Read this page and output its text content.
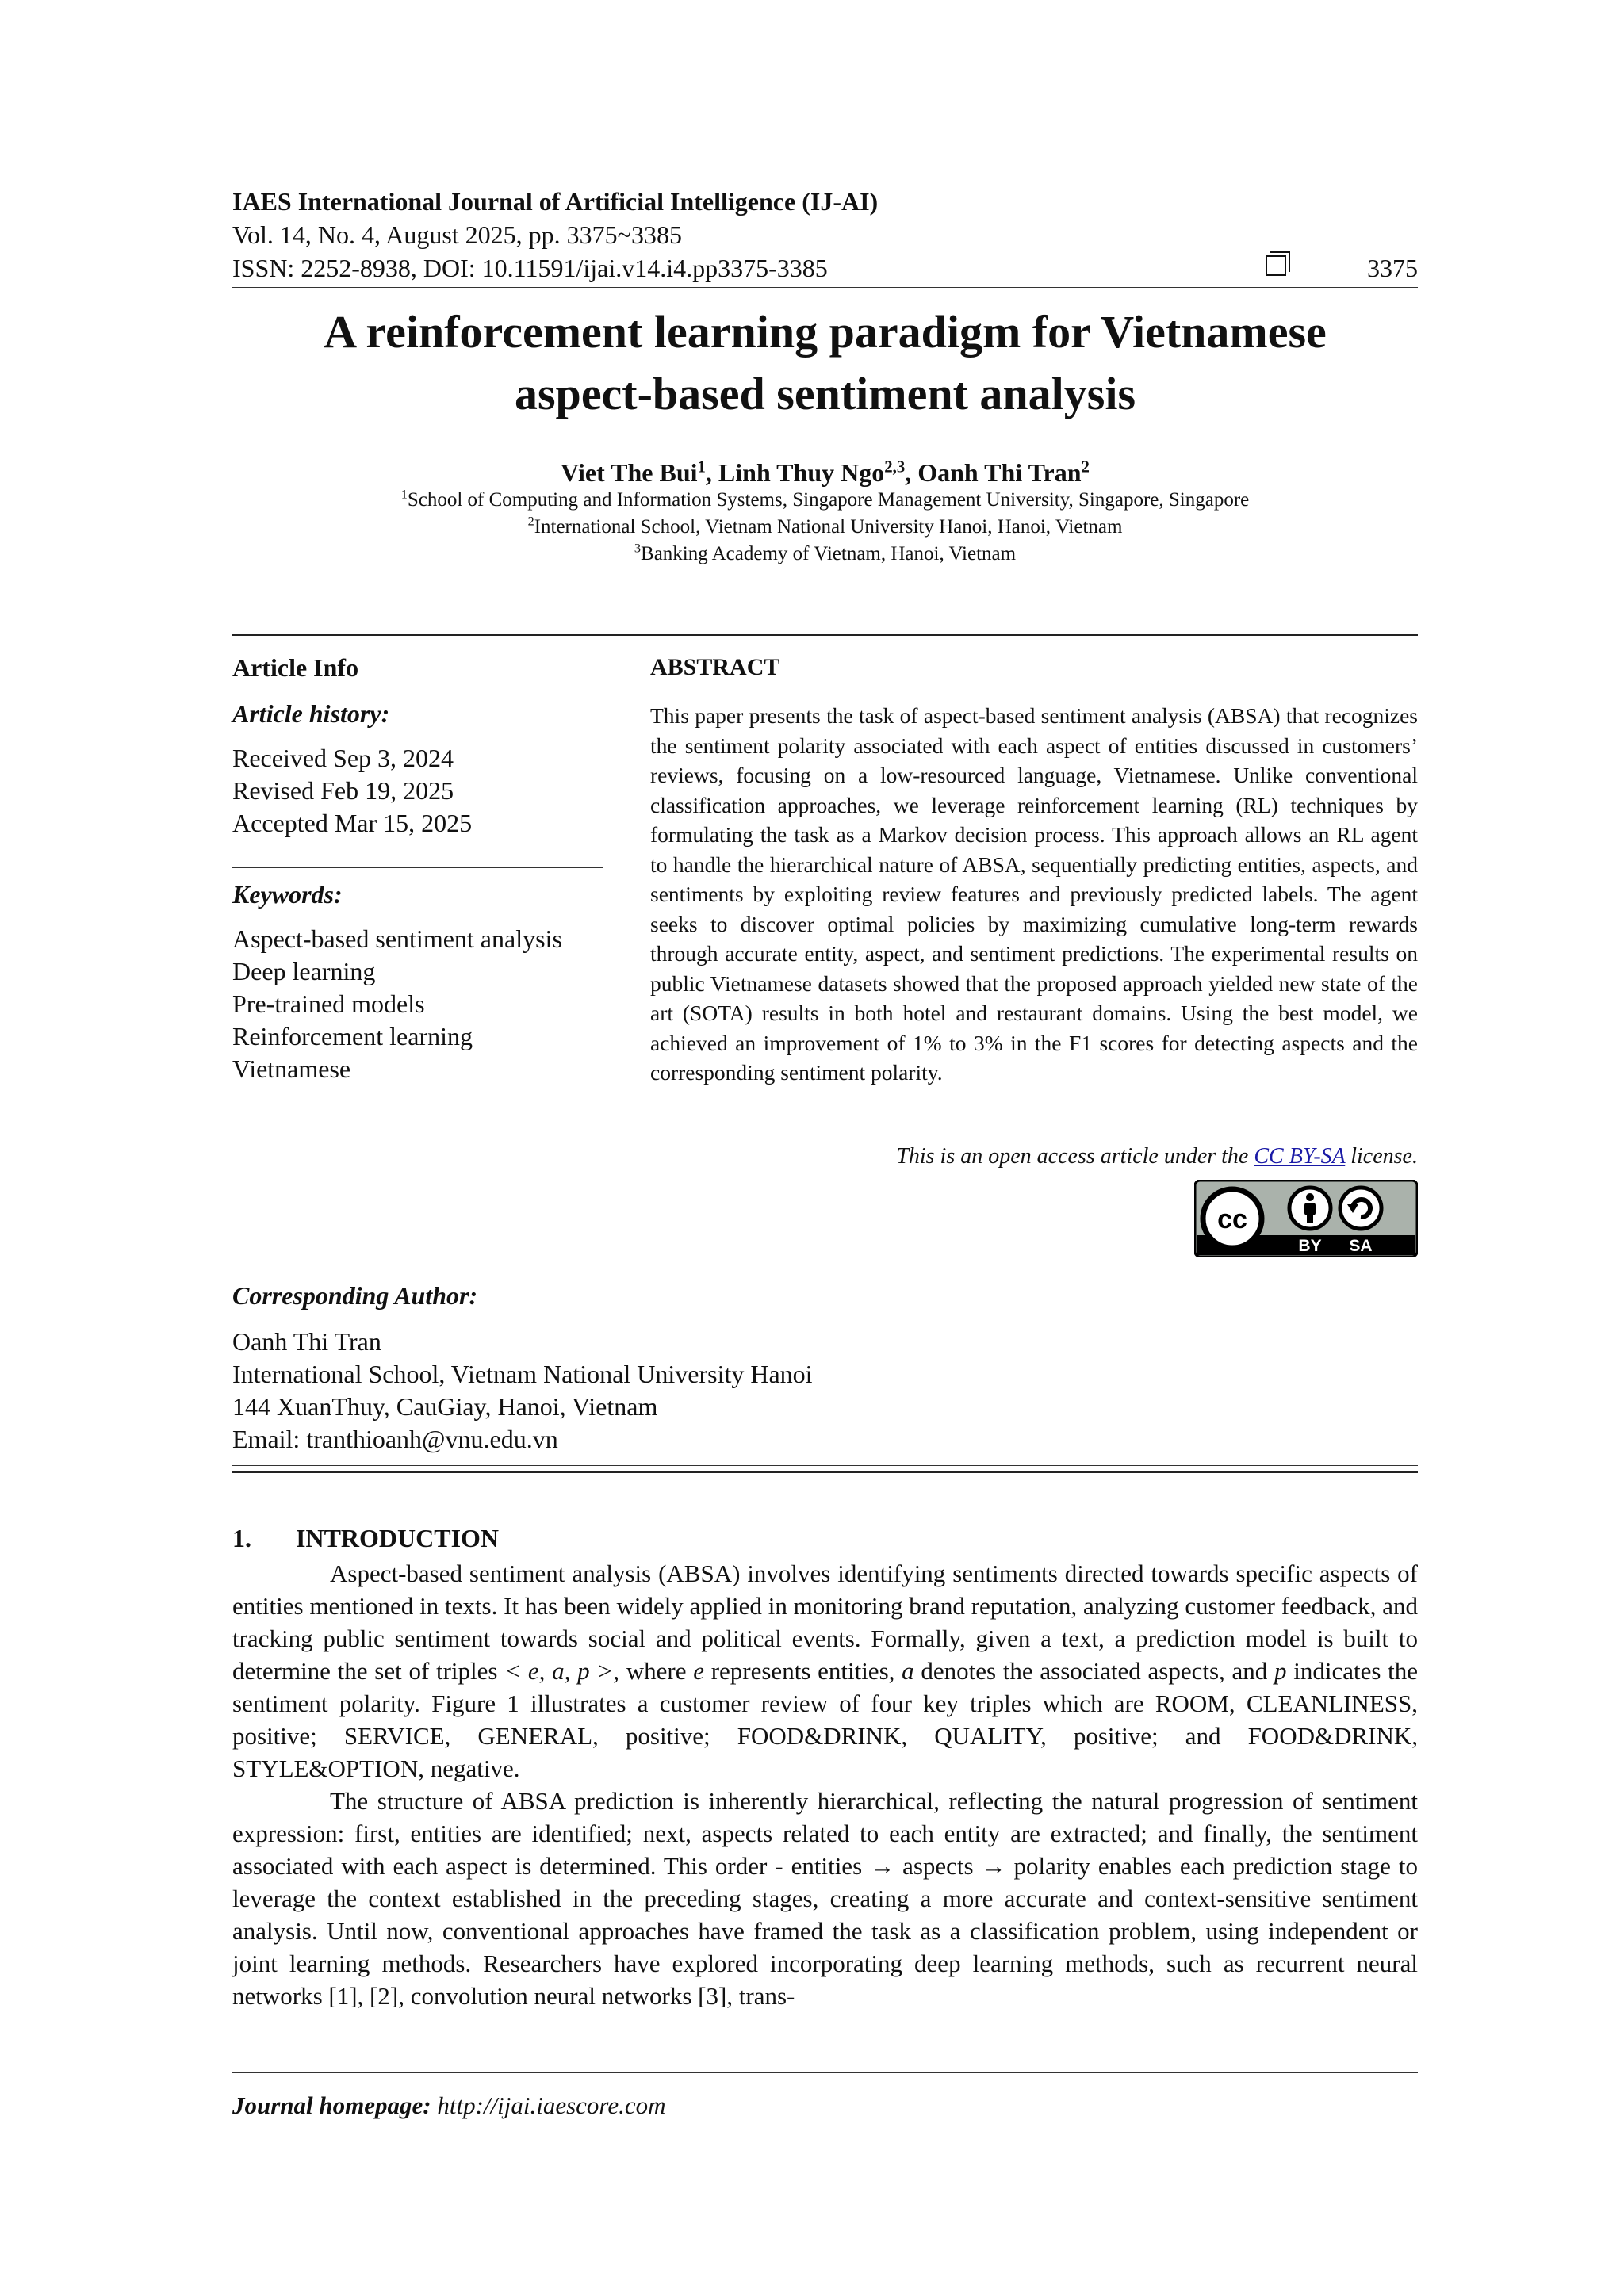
IAES International Journal of Artificial Intelligence (IJ-AI)
Vol. 14, No. 4, August 2025, pp. 3375~3385
ISSN: 2252-8938, DOI: 10.11591/ijai.v14.i4.pp3375-3385	3375
A reinforcement learning paradigm for Vietnamese
aspect-based sentiment analysis
Viet The Bui$^1$, Linh Thuy Ngo$^{2,3}$, Oanh Thi Tran$^2$
$^1$School of Computing and Information Systems, Singapore Management University, Singapore, Singapore
$^2$International School, Vietnam National University Hanoi, Hanoi, Vietnam
$^3$Banking Academy of Vietnam, Hanoi, Vietnam
Article Info
Article history:
Received Sep 3, 2024
Revised Feb 19, 2025
Accepted Mar 15, 2025
Keywords:
Aspect-based sentiment analysis
Deep learning
Pre-trained models
Reinforcement learning
Vietnamese
ABSTRACT
This paper presents the task of aspect-based sentiment analysis (ABSA) that recognizes the sentiment polarity associated with each aspect of entities discussed in customers’ reviews, focusing on a low-resourced language, Vietnamese. Unlike conventional classification approaches, we leverage reinforcement learning (RL) techniques by formulating the task as a Markov decision process. This approach allows an RL agent to handle the hierarchical nature of ABSA, sequentially predicting entities, aspects, and sentiments by exploiting review features and previously predicted labels. The agent seeks to discover optimal policies by maximizing cumulative long-term rewards through accurate entity, aspect, and sentiment predictions. The experimental results on public Vietnamese datasets showed that the proposed approach yielded new state of the art (SOTA) results in both hotel and restaurant domains. Using the best model, we achieved an improvement of 1% to 3% in the F1 scores for detecting aspects and the corresponding sentiment polarity.
This is an open access article under the CC BY-SA license.
cc
BY SA
Corresponding Author:
Oanh Thi Tran
International School, Vietnam National University Hanoi
144 XuanThuy, CauGiay, Hanoi, Vietnam
Email: tranthioanh@vnu.edu.vn
1. INTRODUCTION

Aspect-based sentiment analysis (ABSA) involves identifying sentiments directed towards specific aspects of entities mentioned in texts. It has been widely applied in monitoring brand reputation, analyzing customer feedback, and tracking public sentiment towards social and political events. Formally, given a text, a prediction model is built to determine the set of triples < e, a, p >, where e represents entities, a denotes the associated aspects, and p indicates the sentiment polarity. Figure 1 illustrates a customer review of four key triples which are ROOM, CLEANLINESS, positive; SERVICE, GENERAL, positive; FOOD&DRINK, QUALITY, positive; and FOOD&DRINK, STYLE&OPTION, negative.

The structure of ABSA prediction is inherently hierarchical, reflecting the natural progression of sentiment expression: first, entities are identified; next, aspects related to each entity are extracted; and finally, the sentiment associated with each aspect is determined. This order - entities → aspects → polarity enables each prediction stage to leverage the context established in the preceding stages, creating a more accurate and context-sensitive sentiment analysis. Until now, conventional approaches have framed the task as a classification problem, using independent or joint learning methods. Researchers have explored incorporating deep learning methods, such as recurrent neural networks [1], [2], convolution neural networks [3], trans-

Journal homepage: http://ijai.iaescore.com
